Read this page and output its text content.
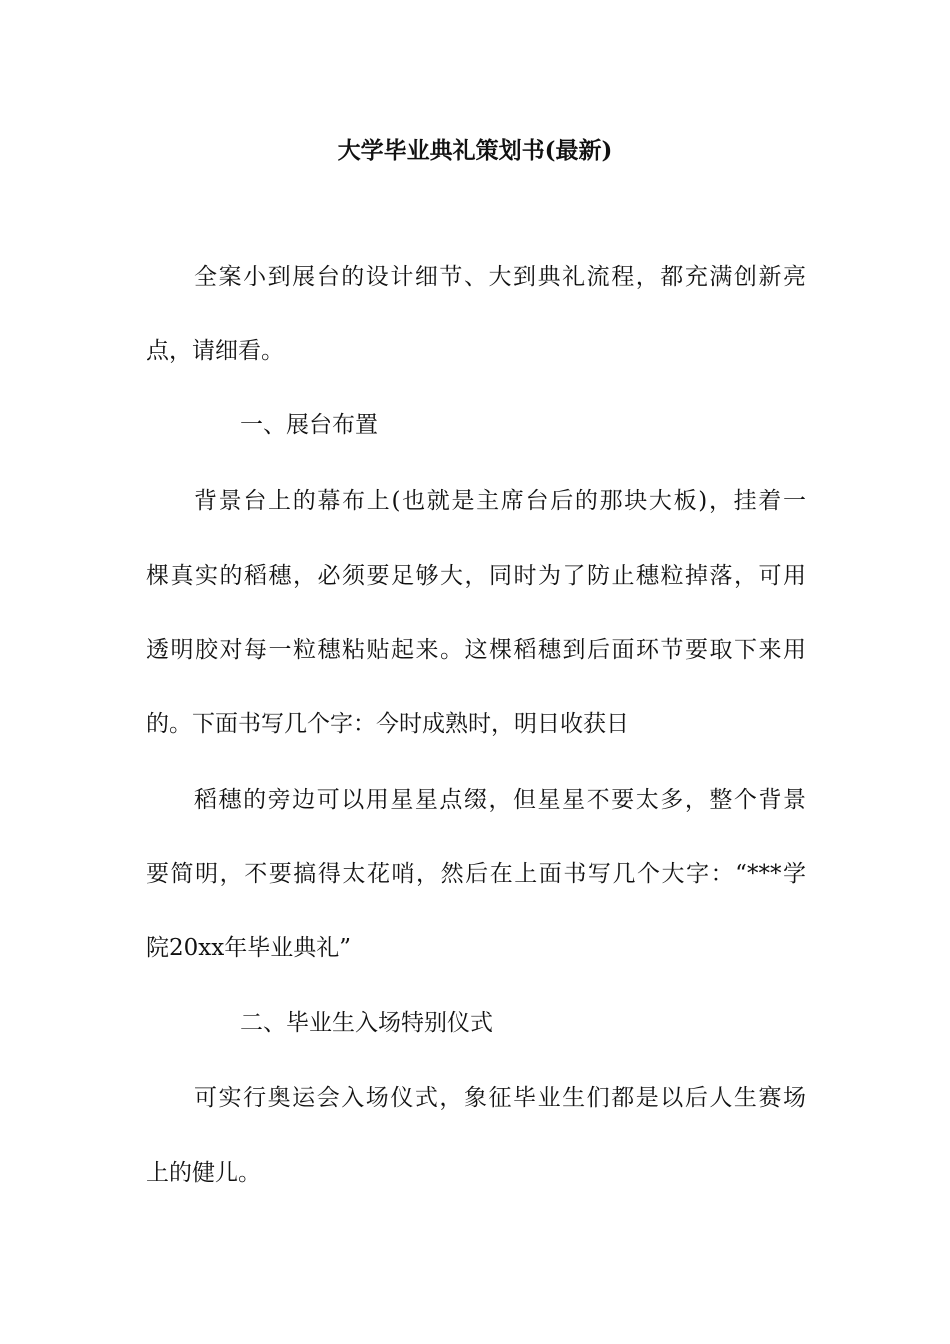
大学毕业典礼策划书(最新)

全案小到展台的设计细节、大到典礼流程，都充满创新亮

点，请细看。

一、展台布置

背景台上的幕布上(也就是主席台后的那块大板)，挂着一

棵真实的稻穗，必须要足够大，同时为了防止穗粒掉落，可用

透明胶对每一粒穗粘贴起来。这棵稻穗到后面环节要取下来用

的。下面书写几个字：今时成熟时，明日收获日

稻穗的旁边可以用星星点缀，但星星不要太多，整个背景

要简明，不要搞得太花哨，然后在上面书写几个大字：“***学

院20xx年毕业典礼”

二、毕业生入场特别仪式

可实行奥运会入场仪式，象征毕业生们都是以后人生赛场

上的健儿。
